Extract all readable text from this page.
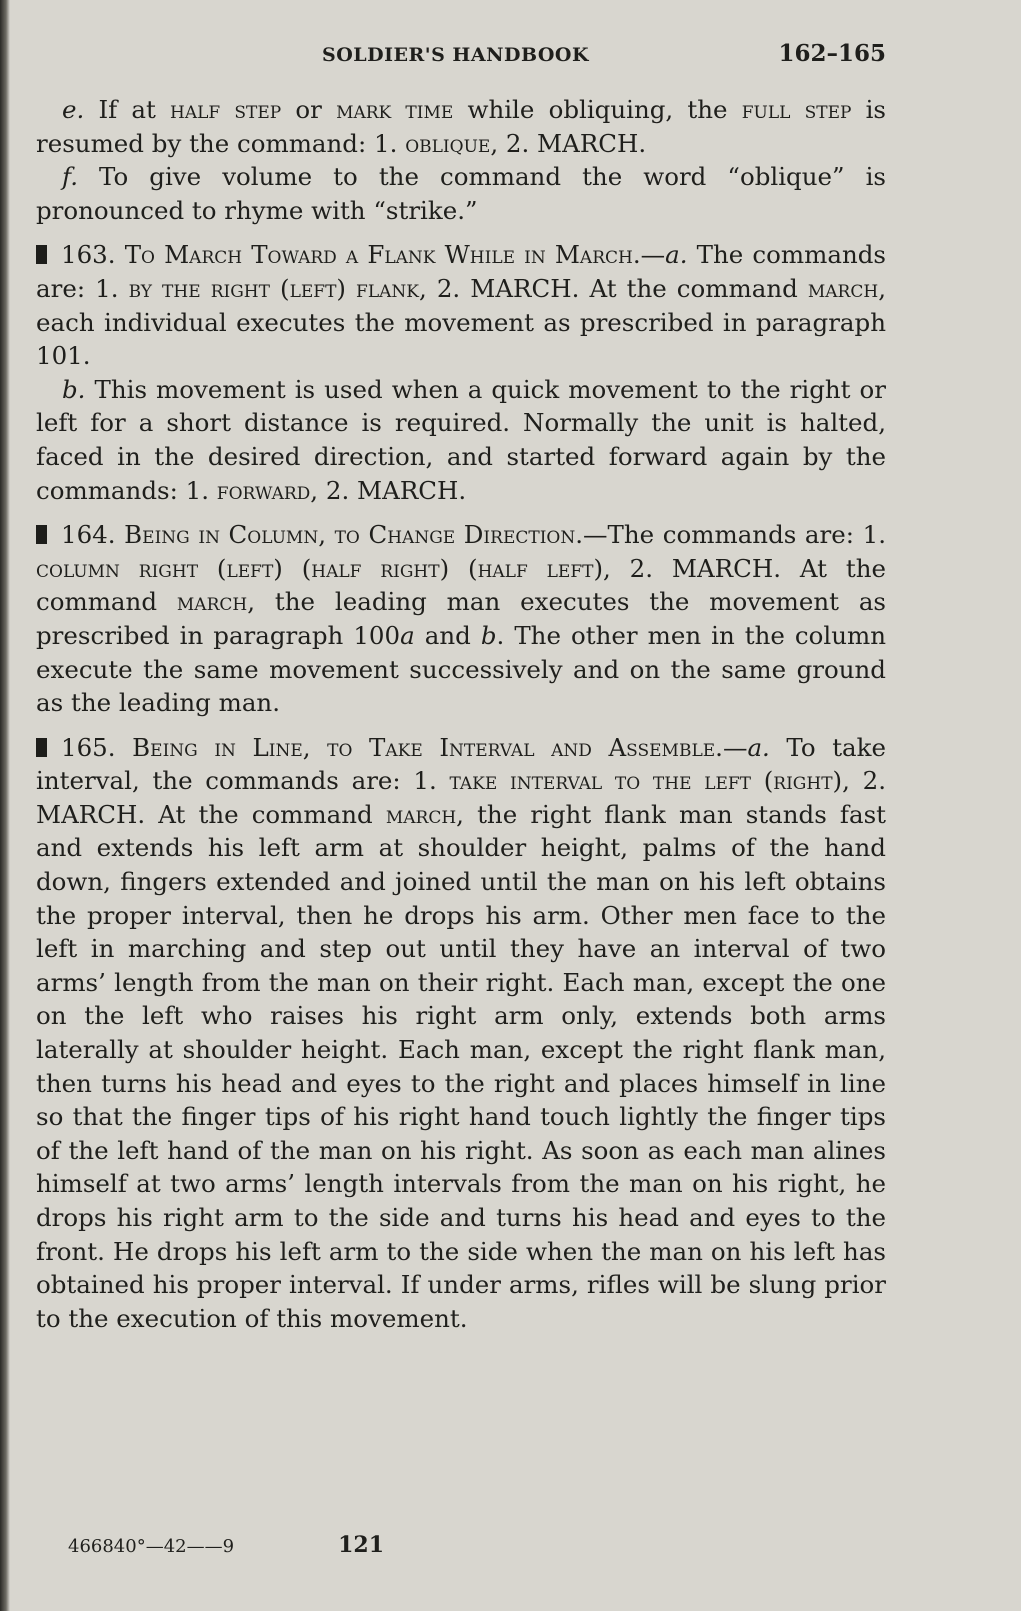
SOLDIER'S HANDBOOK	162–165

e. If at half step or mark time while obliquing, the full step is resumed by the command: 1. oblique, 2. MARCH.

f. To give volume to the command the word “oblique” is pronounced to rhyme with “strike.”

163. To March Toward a Flank While in March.—a. The commands are: 1. by the right (left) flank, 2. MARCH. At the command march, each individual executes the movement as prescribed in paragraph 101.

b. This movement is used when a quick movement to the right or left for a short distance is required. Normally the unit is halted, faced in the desired direction, and started forward again by the commands: 1. forward, 2. MARCH.

164. Being in Column, to Change Direction.—The commands are: 1. column right (left) (half right) (half left), 2. MARCH. At the command march, the leading man executes the movement as prescribed in paragraph 100a and b. The other men in the column execute the same movement successively and on the same ground as the leading man.

165. Being in Line, to Take Interval and Assemble.—a. To take interval, the commands are: 1. take interval to the left (right), 2. MARCH. At the command march, the right flank man stands fast and extends his left arm at shoulder height, palms of the hand down, fingers extended and joined until the man on his left obtains the proper interval, then he drops his arm. Other men face to the left in marching and step out until they have an interval of two arms’ length from the man on their right. Each man, except the one on the left who raises his right arm only, extends both arms laterally at shoulder height. Each man, except the right flank man, then turns his head and eyes to the right and places himself in line so that the finger tips of his right hand touch lightly the finger tips of the left hand of the man on his right. As soon as each man alines himself at two arms’ length intervals from the man on his right, he drops his right arm to the side and turns his head and eyes to the front. He drops his left arm to the side when the man on his left has obtained his proper interval. If under arms, rifles will be slung prior to the execution of this movement.

466840°—42——9	121
